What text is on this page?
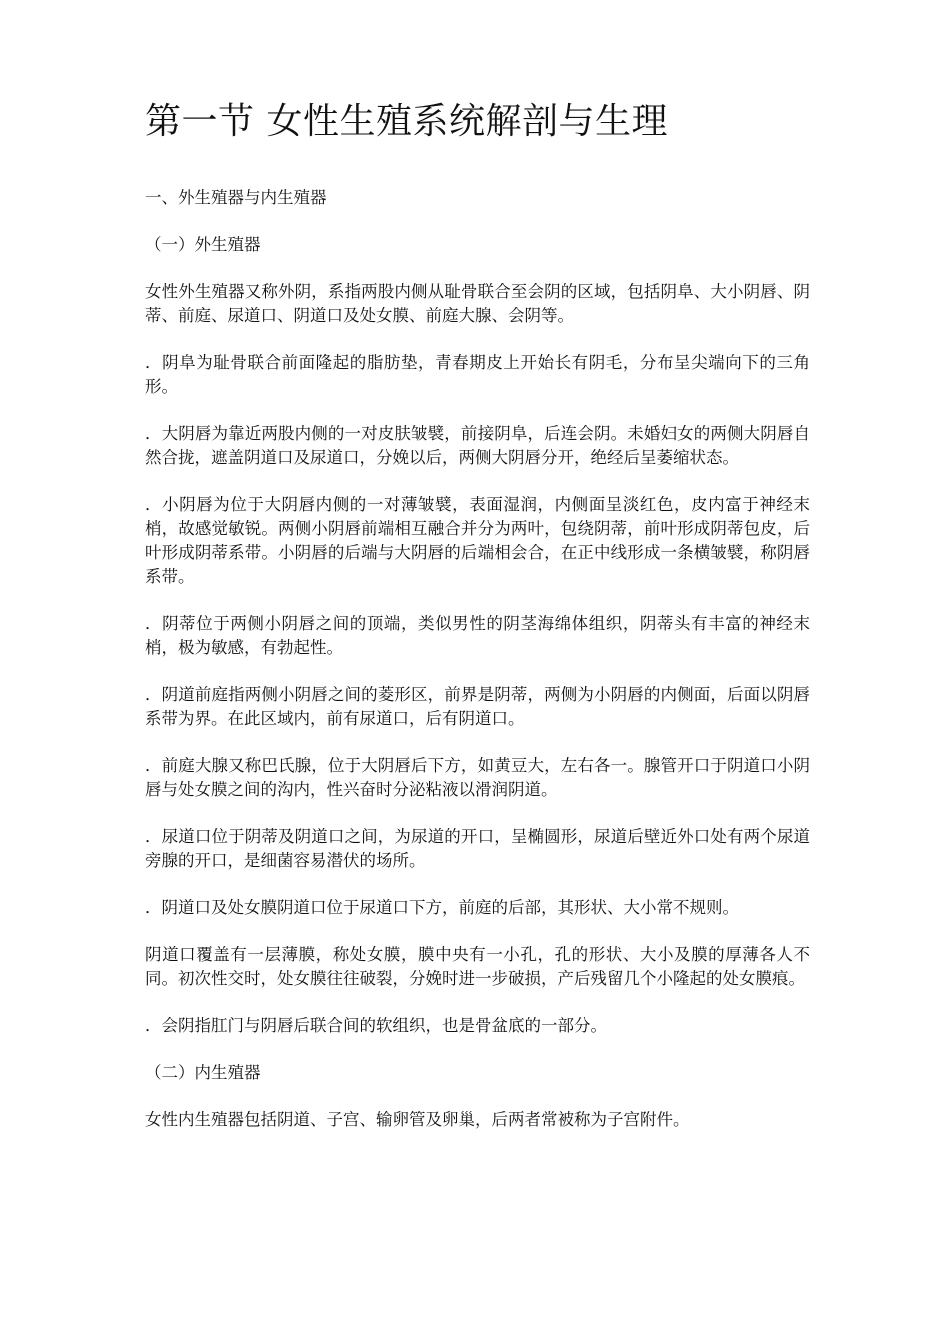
第一节 女性生殖系统解剖与生理

一、外生殖器与内生殖器

（一）外生殖器

女性外生殖器又称外阴，系指两股内侧从耻骨联合至会阴的区域，包括阴阜、大小阴唇、阴蒂、前庭、尿道口、阴道口及处女膜、前庭大腺、会阴等。

．阴阜为耻骨联合前面隆起的脂肪垫，青春期皮上开始长有阴毛，分布呈尖端向下的三角形。

．大阴唇为靠近两股内侧的一对皮肤皱襞，前接阴阜，后连会阴。未婚妇女的两侧大阴唇自然合拢，遮盖阴道口及尿道口，分娩以后，两侧大阴唇分开，绝经后呈萎缩状态。

．小阴唇为位于大阴唇内侧的一对薄皱襞，表面湿润，内侧面呈淡红色，皮内富于神经末梢，故感觉敏锐。两侧小阴唇前端相互融合并分为两叶，包绕阴蒂，前叶形成阴蒂包皮，后叶形成阴蒂系带。小阴唇的后端与大阴唇的后端相会合，在正中线形成一条横皱襞，称阴唇系带。

．阴蒂位于两侧小阴唇之间的顶端，类似男性的阴茎海绵体组织，阴蒂头有丰富的神经末梢，极为敏感，有勃起性。

．阴道前庭指两侧小阴唇之间的菱形区，前界是阴蒂，两侧为小阴唇的内侧面，后面以阴唇系带为界。在此区域内，前有尿道口，后有阴道口。

．前庭大腺又称巴氏腺，位于大阴唇后下方，如黄豆大，左右各一。腺管开口于阴道口小阴唇与处女膜之间的沟内，性兴奋时分泌粘液以滑润阴道。

．尿道口位于阴蒂及阴道口之间，为尿道的开口，呈椭圆形，尿道后壁近外口处有两个尿道旁腺的开口，是细菌容易潜伏的场所。

．阴道口及处女膜阴道口位于尿道口下方，前庭的后部，其形状、大小常不规则。

阴道口覆盖有一层薄膜，称处女膜，膜中央有一小孔，孔的形状、大小及膜的厚薄各人不同。初次性交时，处女膜往往破裂，分娩时进一步破损，产后残留几个小隆起的处女膜痕。

．会阴指肛门与阴唇后联合间的软组织，也是骨盆底的一部分。

（二）内生殖器

女性内生殖器包括阴道、子宫、输卵管及卵巢，后两者常被称为子宫附件。
